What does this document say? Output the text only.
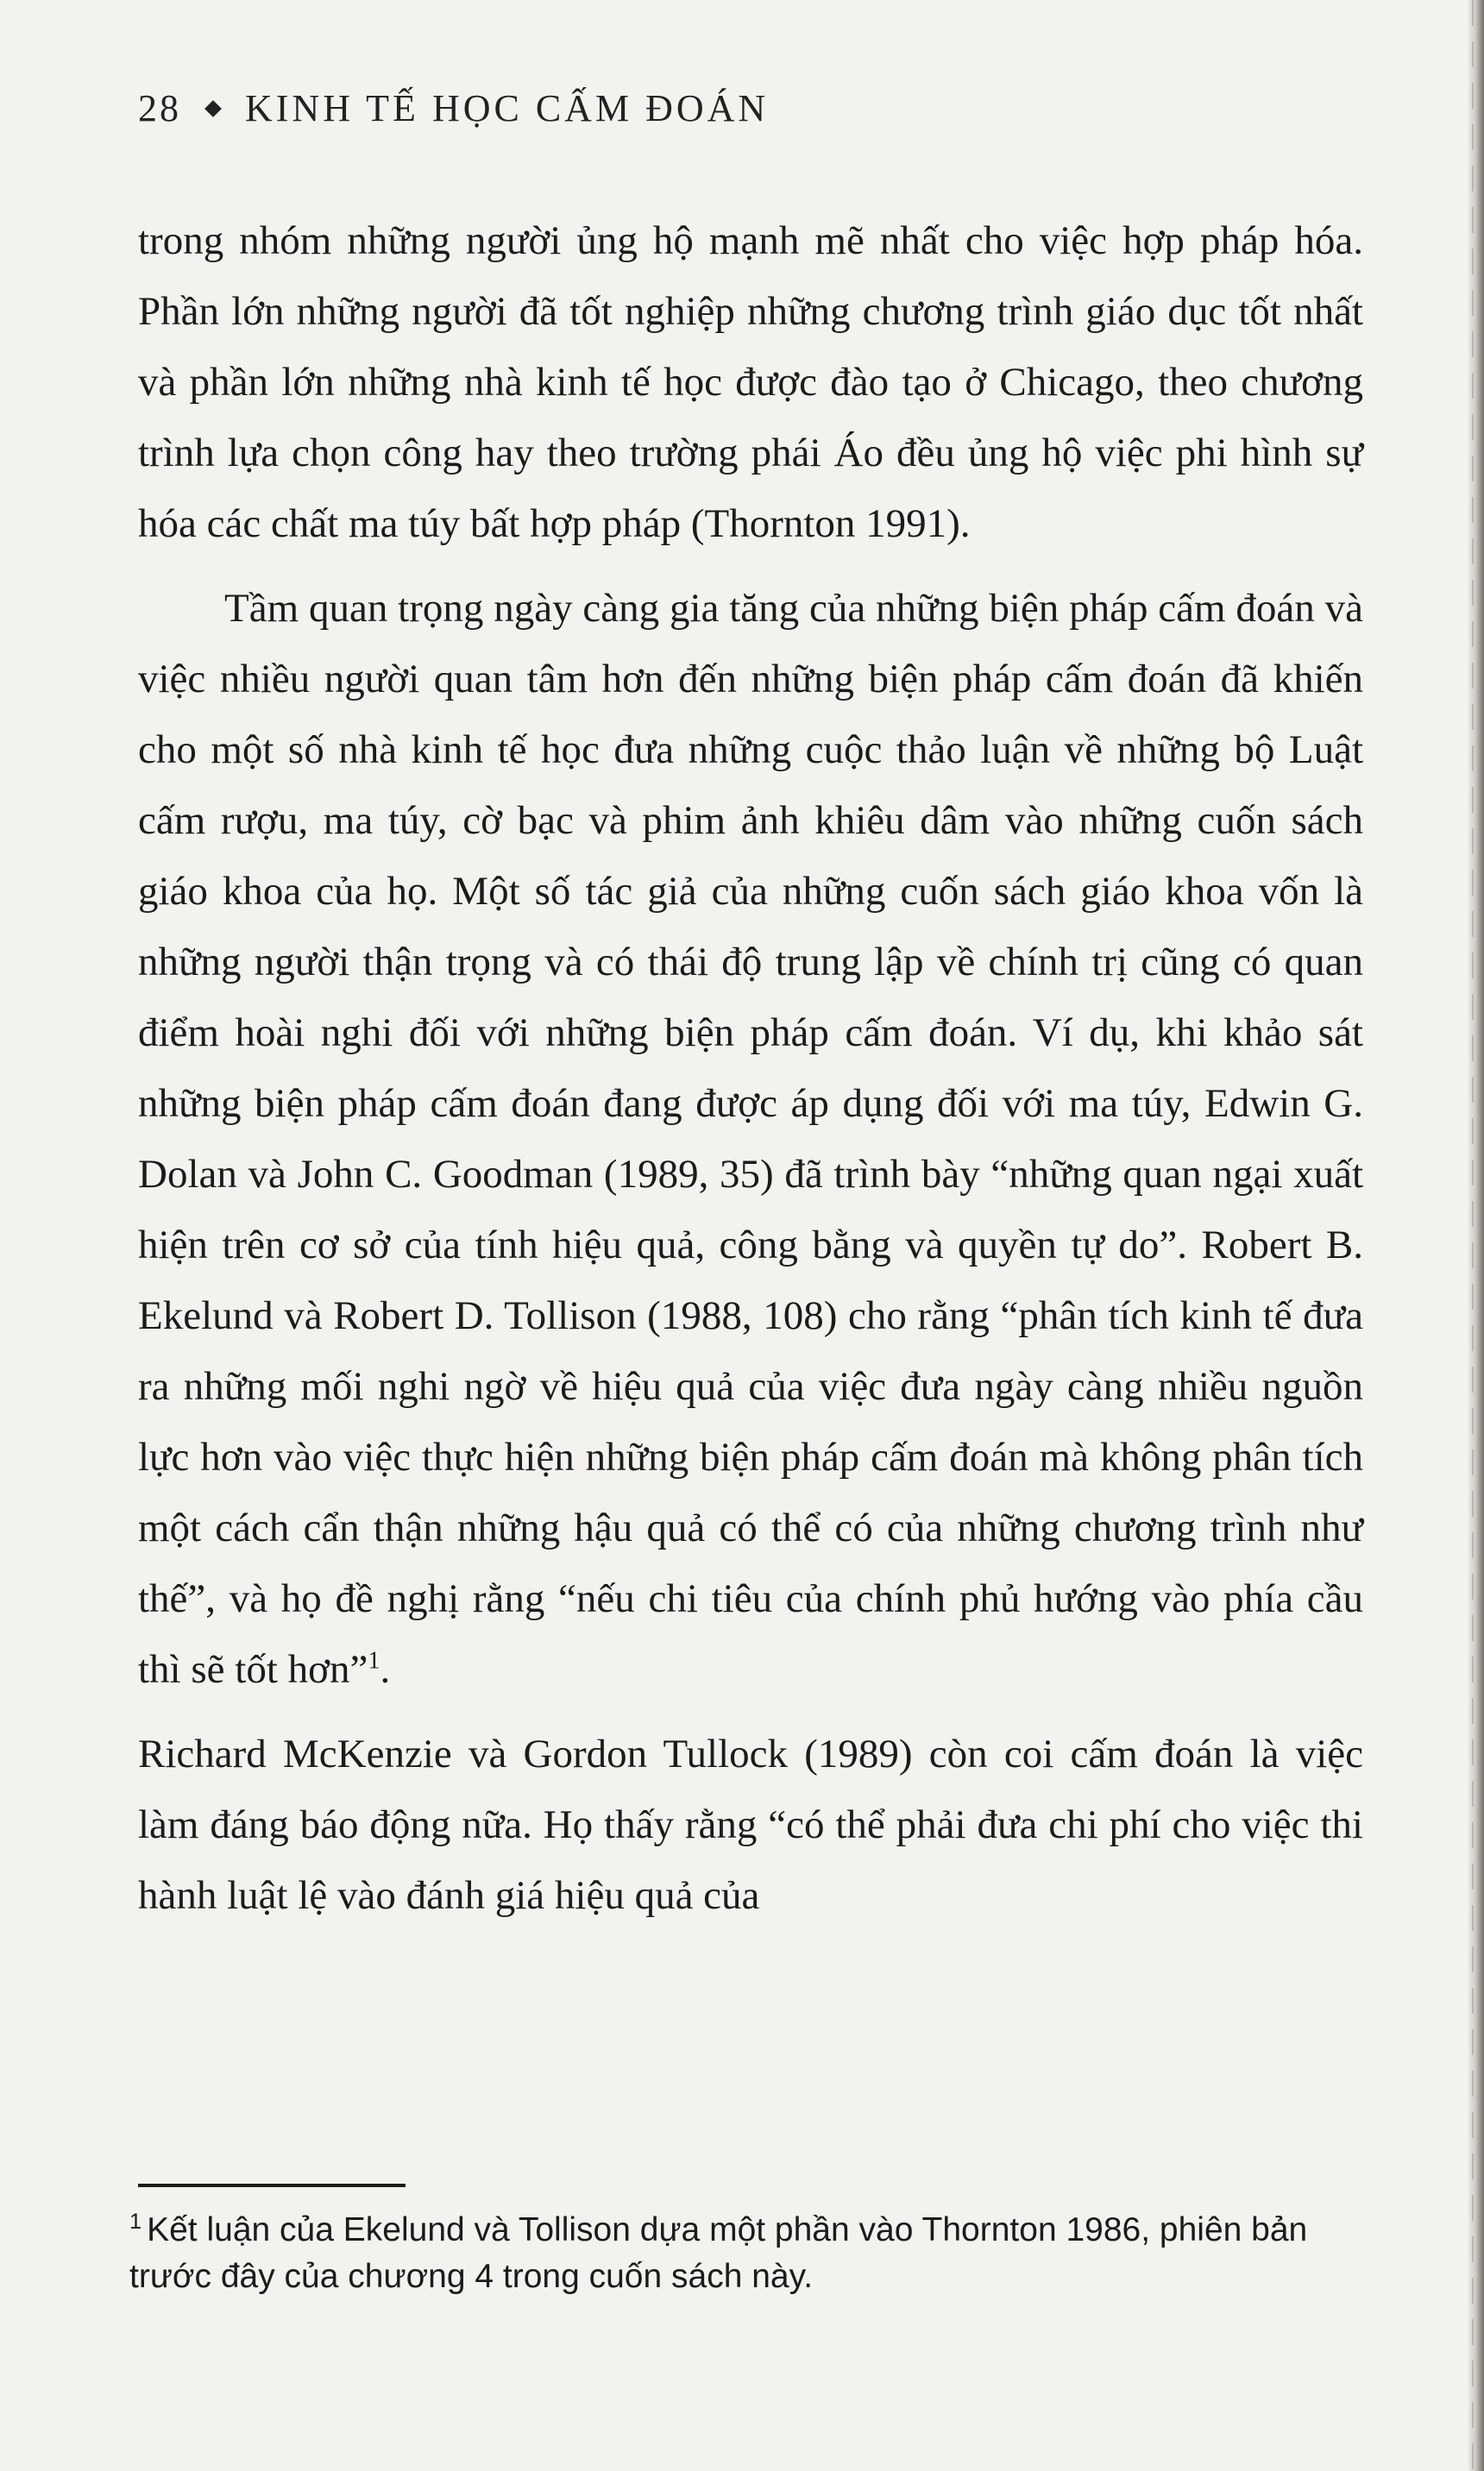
28 KINH TẾ HỌC CẤM ĐOÁN

trong nhóm những người ủng hộ mạnh mẽ nhất cho việc hợp pháp hóa. Phần lớn những người đã tốt nghiệp những chương trình giáo dục tốt nhất và phần lớn những nhà kinh tế học được đào tạo ở Chicago, theo chương trình lựa chọn công hay theo trường phái Áo đều ủng hộ việc phi hình sự hóa các chất ma túy bất hợp pháp (Thornton 1991).

Tầm quan trọng ngày càng gia tăng của những biện pháp cấm đoán và việc nhiều người quan tâm hơn đến những biện pháp cấm đoán đã khiến cho một số nhà kinh tế học đưa những cuộc thảo luận về những bộ Luật cấm rượu, ma túy, cờ bạc và phim ảnh khiêu dâm vào những cuốn sách giáo khoa của họ. Một số tác giả của những cuốn sách giáo khoa vốn là những người thận trọng và có thái độ trung lập về chính trị cũng có quan điểm hoài nghi đối với những biện pháp cấm đoán. Ví dụ, khi khảo sát những biện pháp cấm đoán đang được áp dụng đối với ma túy, Edwin G. Dolan và John C. Goodman (1989, 35) đã trình bày “những quan ngại xuất hiện trên cơ sở của tính hiệu quả, công bằng và quyền tự do”. Robert B. Ekelund và Robert D. Tollison (1988, 108) cho rằng “phân tích kinh tế đưa ra những mối nghi ngờ về hiệu quả của việc đưa ngày càng nhiều nguồn lực hơn vào việc thực hiện những biện pháp cấm đoán mà không phân tích một cách cẩn thận những hậu quả có thể có của những chương trình như thế”, và họ đề nghị rằng “nếu chi tiêu của chính phủ hướng vào phía cầu thì sẽ tốt hơn”$^1$.

Richard McKenzie và Gordon Tullock (1989) còn coi cấm đoán là việc làm đáng báo động nữa. Họ thấy rằng “có thể phải đưa chi phí cho việc thi hành luật lệ vào đánh giá hiệu quả của

$^1$ Kết luận của Ekelund và Tollison dựa một phần vào Thornton 1986, phiên bản trước đây của chương 4 trong cuốn sách này.
